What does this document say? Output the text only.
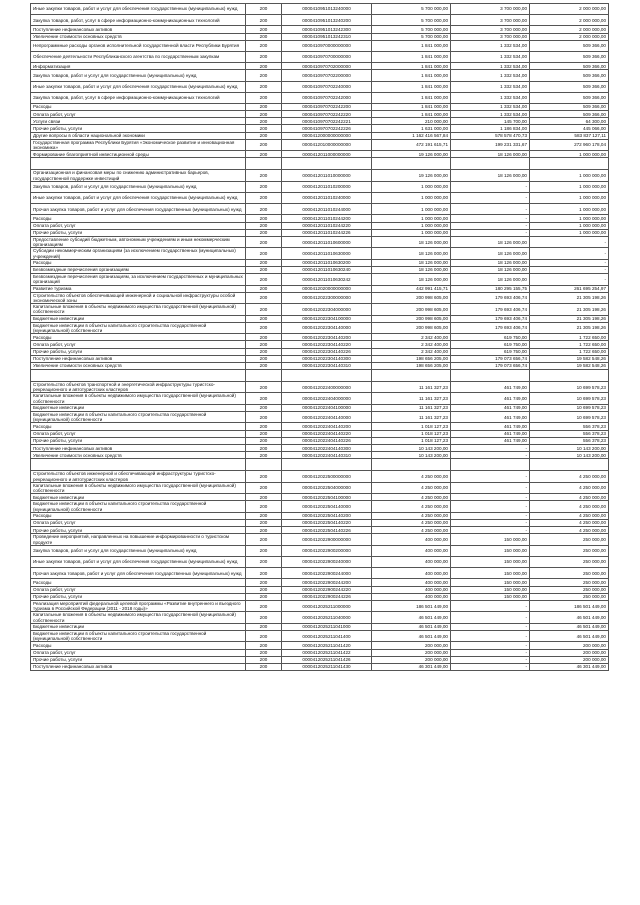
Иные закупки товаров, работ и услуг для обеспечения государственных (муниципальных) нужд	200	0000410951013240000	5 700 000,00	3 700 000,00	2 000 000,00
Закупка товаров, работ, услуг в сфере информационно-коммуникационных технологий	200	0000410951013240200	5 700 000,00	3 700 000,00	2 000 000,00
Поступление нефинансовых активов	200	0000410951013242300	5 700 000,00	3 700 000,00	2 000 000,00
Увеличение стоимости основных средств	200	0000410951013242310	5 700 000,00	3 700 000,00	2 000 000,00
Непрограммные расходы органов исполнительной государственной власти Республики Бурятия	200	0000410970000000000	1 841 000,00	1 332 534,00	509 366,00
Обеспечение деятельности Республиканского агентства по государственным закупкам	200	0000410970700000000	1 841 000,00	1 332 534,00	509 366,00
Информатизация	200	0000410970702000000	1 841 000,00	1 332 534,00	509 366,00
Закупка товаров, работ и услуг для государственных (муниципальных) нужд	200	0000410970702200000	1 841 000,00	1 332 534,00	509 366,00
Иные закупки товаров, работ и услуг для обеспечения государственных (муниципальных) нужд	200	0000410970702240000	1 841 000,00	1 332 534,00	509 366,00
Закупка товаров, работ, услуг в сфере информационно-коммуникационных технологий	200	0000410970702242000	1 841 000,00	1 332 534,00	509 366,00
Расходы	200	0000410970702242200	1 841 000,00	1 332 534,00	509 366,00
Оплата работ, услуг	200	0000410970702242220	1 841 000,00	1 332 534,00	509 366,00
Услуги связи	200	0000410970702242221	210 000,00	145 700,00	64 300,00
Прочие работы, услуги	200	0000410970702242226	1 631 000,00	1 186 834,00	445 066,00
Другие вопросы в области национальной экономики	200	0000412000000000000	1 162 416 567,84	578 578 470,73	583 837 127,11
Государственная программа Республики Бурятия «Экономическое развитие и инновационная экономика»	200	0000412010000000000	472 191 615,71	199 231 331,67	272 960 178,04
Формирование благоприятной инвестиционной среды	200	0000412011000000000	19 126 000,00	18 126 000,00	1 000 000,00

Организационная и финансовая меры по снижению административных барьеров, государственной поддержке инвестиций	200	0000412011010000000	19 126 000,00	18 126 000,00	1 000 000,00
Закупка товаров, работ и услуг для государственных (муниципальных) нужд	200	0000412011010200000	1 000 000,00	-	1 000 000,00
Иные закупки товаров, работ и услуг для обеспечения государственных (муниципальных) нужд	200	0000412011010240000	1 000 000,00	-	1 000 000,00
Прочая закупка товаров, работ и услуг для обеспечения государственных (муниципальных) нужд	200	0000412011010244000	1 000 000,00	-	1 000 000,00
Расходы	200	0000412011010244200	1 000 000,00	-	1 000 000,00
Оплата работ, услуг	200	0000412011010244220	1 000 000,00	-	1 000 000,00
Прочие работы, услуги	200	0000412011010244226	1 000 000,00	-	1 000 000,00
Предоставление субсидий бюджетным, автономным учреждениям и иным некоммерческим организациям	200	0000412011010600000	18 126 000,00	18 126 000,00	-
Субсидии некоммерческим организациям (за исключением государственных (муниципальных) учреждений)	200	0000412011010630000	18 126 000,00	18 126 000,00	-
Расходы	200	0000412011010630200	18 126 000,00	18 126 000,00	-
Безвозмездные перечисления организациям	200	0000412011010630240	18 126 000,00	18 126 000,00	-
Безвозмездные перечисления организациям, за исключением государственных и муниципальных организаций	200	0000412011010630242	18 126 000,00	18 126 000,00	-
Развитие туризма	200	0000412020000000000	442 991 415,71	180 295 155,75	261 695 254,97
Строительство объектов обеспечивающей инженерной и социальной инфраструктуры особой экономической зоны	200	0000412022300000000	200 998 605,00	179 693 406,74	21 305 198,26
Капитальные вложения в объекты недвижимого имущества государственной (муниципальной) собственности	200	0000412022304000000	200 998 605,00	179 693 406,74	21 305 198,26
Бюджетные инвестиции	200	0000412022304100000	200 998 605,00	179 693 406,74	21 305 198,26
Бюджетные инвестиции в объекты капитального строительства государственной (муниципальной) собственности	200	0000412022304140000	200 998 605,00	179 693 406,74	21 305 198,26
Расходы	200	0000412022304140200	2 342 400,00	619 750,00	1 722 650,00
Оплата работ, услуг	200	0000412022304140220	2 342 400,00	619 750,00	1 722 650,00
Прочие работы, услуги	200	0000412022304140226	2 342 400,00	619 750,00	1 722 650,00
Поступление нефинансовых активов	200	0000412022304140300	198 656 205,00	179 073 656,74	19 582 548,26
Увеличение стоимости основных средств	200	0000412022304140310	198 656 205,00	179 073 656,74	19 582 548,26

Строительство объектов транспортной и энергетической инфраструктуры туристско-рекреационного и автотуристских кластеров	200	0000412022400000000	11 161 327,23	461 749,00	10 699 578,23
Капитальные вложения в объекты недвижимого имущества государственной (муниципальной) собственности	200	0000412022404000000	11 161 327,23	461 749,00	10 699 578,23
Бюджетные инвестиции	200	0000412022404100000	11 161 327,23	461 749,00	10 699 578,23
Бюджетные инвестиции в объекты капитального строительства государственной (муниципальной) собственности	200	0000412022404140000	11 161 327,23	461 749,00	10 699 578,23
Расходы	200	0000412022404140200	1 018 127,23	461 749,00	556 378,23
Оплата работ, услуг	200	0000412022404140220	1 018 127,23	461 749,00	556 378,23
Прочие работы, услуги	200	0000412022404140226	1 018 127,23	461 749,00	556 378,23
Поступление нефинансовых активов	200	0000412022404140300	10 143 200,00	-	10 143 200,00
Увеличение стоимости основных средств	200	0000412022404140310	10 143 200,00	-	10 143 200,00

Строительство объектов инженерной и обеспечивающей инфраструктуры туристско-рекреационного и автотуристских кластеров	200	0000412022500000000	4 250 000,00	-	4 250 000,00
Капитальные вложения в объекты недвижимого имущества государственной (муниципальной) собственности	200	0000412022504000000	4 250 000,00	-	4 250 000,00
Бюджетные инвестиции	200	0000412022504100000	4 250 000,00	-	4 250 000,00
Бюджетные инвестиции в объекты капитального строительства государственной (муниципальной) собственности	200	0000412022504140000	4 250 000,00	-	4 250 000,00
Расходы	200	0000412022504140200	4 250 000,00	-	4 250 000,00
Оплата работ, услуг	200	0000412022504140220	4 250 000,00	-	4 250 000,00
Прочие работы, услуги	200	0000412022504140226	4 250 000,00	-	4 250 000,00
Проведение мероприятий, направленных на повышение информированности о туристском продукте	200	0000412022900000000	400 000,00	150 000,00	250 000,00
Закупка товаров, работ и услуг для государственных (муниципальных) нужд	200	0000412022900200000	400 000,00	150 000,00	250 000,00
Иные закупки товаров, работ и услуг для обеспечения государственных (муниципальных) нужд	200	0000412022900240000	400 000,00	150 000,00	250 000,00
Прочая закупка товаров, работ и услуг для обеспечения государственных (муниципальных) нужд	200	0000412022900244000	400 000,00	150 000,00	250 000,00
Расходы	200	0000412022900244200	400 000,00	150 000,00	250 000,00
Оплата работ, услуг	200	0000412022900244220	400 000,00	150 000,00	250 000,00
Прочие работы, услуги	200	0000412022900244226	400 000,00	150 000,00	250 000,00
Реализация мероприятий федеральной целевой программы «Развитие внутреннего и въездного туризма в Российской Федерации (2011 - 2018 годы)»	200	0000412025211000000	186 501 449,00	-	186 501 449,00
Капитальные вложения в объекты недвижимого имущества государственной (муниципальной) собственности	200	0000412025211040000	46 501 449,00	-	46 501 449,00
Бюджетные инвестиции	200	0000412025211041000	46 501 449,00	-	46 501 449,00
Бюджетные инвестиции в объекты капитального строительства государственной (муниципальной) собственности	200	0000412025211041400	46 501 449,00	-	46 501 449,00
Расходы	200	0000412025211041420	200 000,00	-	200 000,00
Оплата работ, услуг	200	0000412025211041422	200 000,00	-	200 000,00
Прочие работы, услуги	200	0000412025211041426	200 000,00	-	200 000,00
Поступление нефинансовых активов	200	0000412025211041430	46 301 449,00	-	46 301 449,00
